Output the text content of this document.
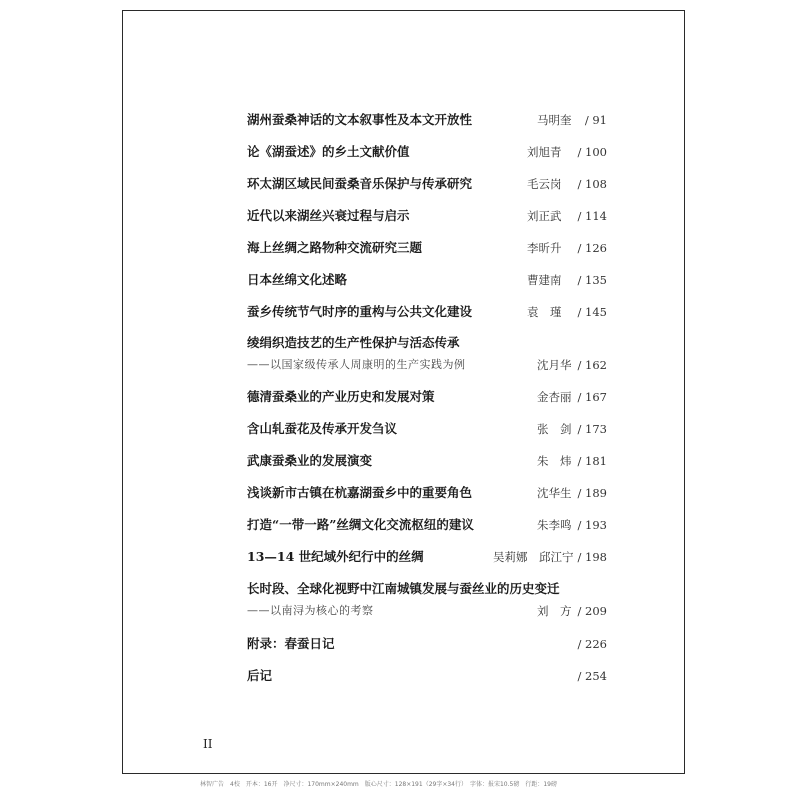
湖州蚕桑神话的文本叙事性及本文开放性	马明奎 / 91
论《湖蚕述》的乡土文献价值	刘旭青 / 100
环太湖区域民间蚕桑音乐保护与传承研究	毛云岗 / 108
近代以来湖丝兴衰过程与启示	刘正武 / 114
海上丝绸之路物种交流研究三题	李昕升 / 126
日本丝绵文化述略	曹建南 / 135
蚕乡传统节气时序的重构与公共文化建设	袁　瑾 / 145
绫绢织造技艺的生产性保护与活态传承
——以国家级传承人周康明的生产实践为例	沈月华 / 162
德清蚕桑业的产业历史和发展对策	金杏丽 / 167
含山轧蚕花及传承开发刍议	张　剑 / 173
武康蚕桑业的发展演变	朱　炜 / 181
浅谈新市古镇在杭嘉湖蚕乡中的重要角色	沈华生 / 189
打造“一带一路”丝绸文化交流枢纽的建议	朱李鸣 / 193
13—14 世纪域外纪行中的丝绸	吴莉娜　邱江宁 / 198
长时段、全球化视野中江南城镇发展与蚕丝业的历史变迁
——以南浔为核心的考察	刘　方 / 209
附录：春蚕日记	/ 226
后记	/ 254
II
林智广告　4校　开本：16开　净尺寸：170mm×240mm　版心尺寸：128×191（29字×34行）　字体：报宋10.5磅　行距：19磅
